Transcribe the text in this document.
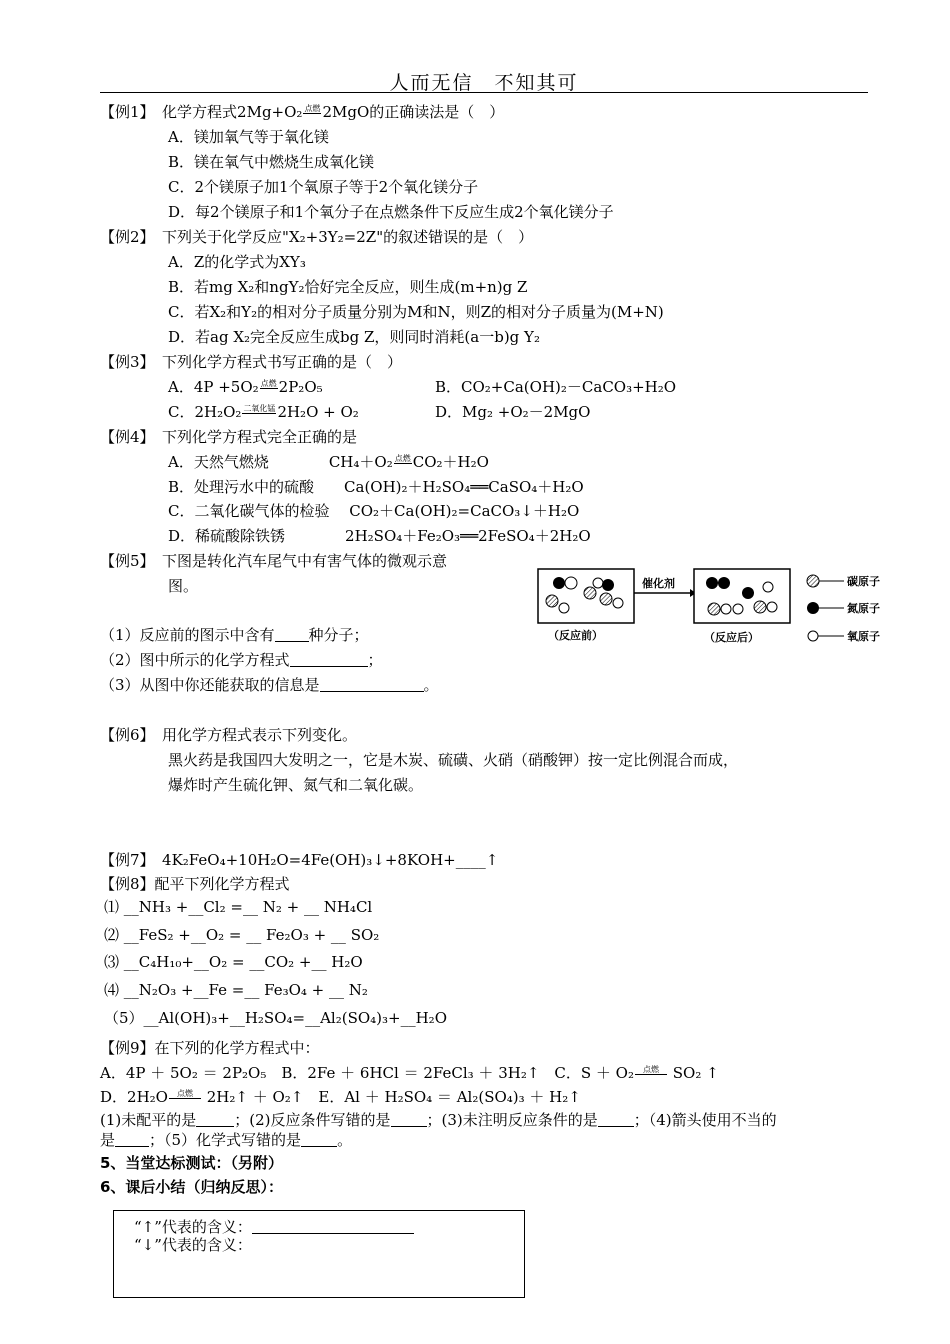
人而无信　不知其可
【例1】　化学方程式2Mg+O₂ 点燃 2MgO的正确读法是（　）
A．镁加氧气等于氧化镁
B．镁在氧气中燃烧生成氧化镁
C．2个镁原子加1个氧原子等于2个氧化镁分子
D．每2个镁原子和1个氧分子在点燃条件下反应生成2个氧化镁分子
【例2】　下列关于化学反应"X₂+3Y₂=2Z"的叙述错误的是（　）
A．Z的化学式为XY₃
B．若mg X₂和ngY₂恰好完全反应，则生成(m+n)g Z
C．若X₂和Y₂的相对分子质量分别为M和N，则Z的相对分子质量为(M+N)
D．若ag X₂完全反应生成bg Z，则同时消耗(a一b)g Y₂
【例3】　下列化学方程式书写正确的是（　）
A．4P +5O₂ 点燃 2P₂O₅	B．CO₂+Ca(OH)₂－CaCO₃+H₂O
C．2H₂O₂ 二氧化锰 2H₂O + O₂	D．Mg₂ +O₂－2MgO
【例4】　下列化学方程式完全正确的是
A．天然气燃烧　　　　CH₄＋O₂ 点燃 CO₂＋H₂O
B．处理污水中的硫酸　　Ca(OH)₂＋H₂SO₄══CaSO₄＋H₂O
C．二氧化碳气体的检验　 CO₂＋Ca(OH)₂=CaCO₃↓＋H₂O
D．稀硫酸除铁锈　　　　2H₂SO₄＋Fe₂O₃══2FeSO₄＋2H₂O
【例5】　下图是转化汽车尾气中有害气体的微观示意
图。	催化剂
（反应前）	（反应后）
碳原子
氮原子
氧原子
（1）反应前的图示中含有 种分子；
（2）图中所示的化学方程式	；
（3）从图中你还能获取的信息是	。
【例6】　用化学方程式表示下列变化。
黑火药是我国四大发明之一，它是木炭、硫磺、火硝（硝酸钾）按一定比例混合而成，
爆炸时产生硫化钾、氮气和二氧化碳。
【例7】　4K₂FeO₄+10H₂O=4Fe(OH)₃↓+8KOH+____↑
【例8】配平下列化学方程式
⑴ __NH₃ +__Cl₂ =__ N₂ + __ NH₄Cl
⑵ __FeS₂ +__O₂ = __ Fe₂O₃ + __ SO₂
⑶ __C₄H₁₀+__O₂ = __CO₂ +__ H₂O
⑷ __N₂O₃ +__Fe =__ Fe₃O₄ + __ N₂
（5）__Al(OH)₃+__H₂SO₄=__Al₂(SO₄)₃+__H₂O
【例9】在下列的化学方程式中：
A．4P ＋ 5O₂ ＝ 2P₂O₅　B．2Fe ＋ 6HCl ＝ 2FeCl₃ ＋ 3H₂↑　C．S ＋ O₂ 点燃 SO₂ ↑
D．2H₂O 点燃 2H₂↑ ＋ O₂↑　E．Al ＋ H₂SO₄ ＝ Al₂(SO₄)₃ ＋ H₂↑
(1)未配平的是	；(2)反应条件写错的是 ；(3)未注明反应条件的是 ；（4)箭头使用不当的
是 ；（5）化学式写错的是 。
5、当堂达标测试：（另附）
6、课后小结（归纳反思）：
“↑”代表的含义：
“↓”代表的含义：
